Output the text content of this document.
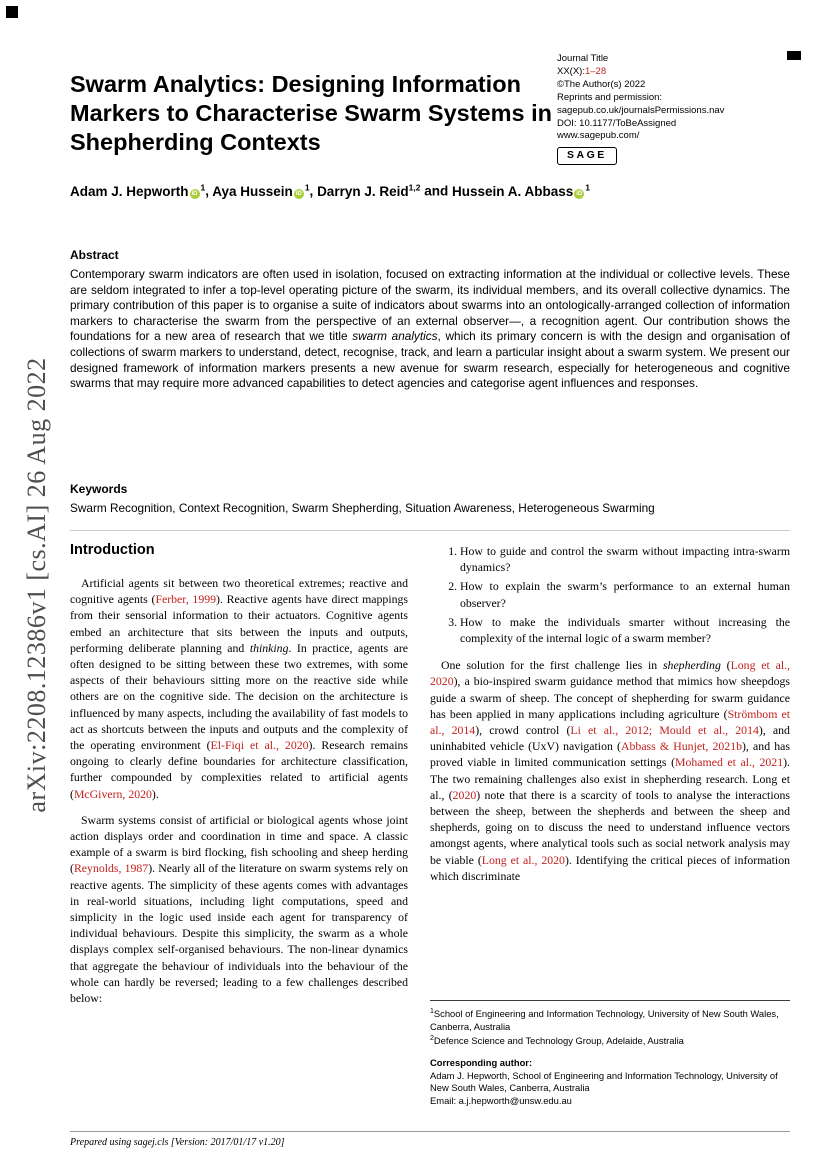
arXiv:2208.12386v1 [cs.AI] 26 Aug 2022
Swarm Analytics: Designing Information Markers to Characterise Swarm Systems in Shepherding Contexts
Journal Title
XX(X):1–28
©The Author(s) 2022
Reprints and permission:
sagepub.co.uk/journalsPermissions.nav
DOI: 10.1177/ToBeAssigned
www.sagepub.com/
SAGE
Adam J. Hepworth $iD^1$, Aya Hussein $iD^1$, Darryn J. Reid$^{1,2}$ and Hussein A. Abbass $iD^1$
Abstract
Contemporary swarm indicators are often used in isolation, focused on extracting information at the individual or collective levels. These are seldom integrated to infer a top-level operating picture of the swarm, its individual members, and its overall collective dynamics. The primary contribution of this paper is to organise a suite of indicators about swarms into an ontologically-arranged collection of information markers to characterise the swarm from the perspective of an external observer—, a recognition agent. Our contribution shows the foundations for a new area of research that we title swarm analytics, which its primary concern is with the design and organisation of collections of swarm markers to understand, detect, recognise, track, and learn a particular insight about a swarm system. We present our designed framework of information markers presents a new avenue for swarm research, especially for heterogeneous and cognitive swarms that may require more advanced capabilities to detect agencies and categorise agent influences and responses.
Keywords
Swarm Recognition, Context Recognition, Swarm Shepherding, Situation Awareness, Heterogeneous Swarming
Introduction

Artificial agents sit between two theoretical extremes; reactive and cognitive agents (Ferber, 1999). Reactive agents have direct mappings from their sensorial information to their actuators. Cognitive agents embed an architecture that sits between the inputs and outputs, performing deliberate planning and thinking. In practice, agents are often designed to be sitting between these two extremes, with some aspects of their behaviours sitting more on the reactive side while others are on the cognitive side. The decision on the architecture is influenced by many aspects, including the availability of fast models to act as shortcuts between the inputs and outputs and the complexity of the operating environment (El-Fiqi et al., 2020). Research remains ongoing to clearly define boundaries for architecture classification, further compounded by complexities related to artificial agents (McGivern, 2020).

Swarm systems consist of artificial or biological agents whose joint action displays order and coordination in time and space. A classic example of a swarm is bird flocking, fish schooling and sheep herding (Reynolds, 1987). Nearly all of the literature on swarm systems rely on reactive agents. The simplicity of these agents comes with advantages in real-world situations, including light computations, speed and simplicity in the logic used inside each agent for transparency of individual behaviours. Despite this simplicity, the swarm as a whole displays complex self-organised behaviours. The non-linear dynamics that aggregate the behaviour of individuals into the behaviour of the whole can hardly be reversed; leading to a few challenges described below:

1. How to guide and control the swarm without impacting intra-swarm dynamics?
2. How to explain the swarm’s performance to an external human observer?
3. How to make the individuals smarter without increasing the complexity of the internal logic of a swarm member?

One solution for the first challenge lies in shepherding (Long et al., 2020), a bio-inspired swarm guidance method that mimics how sheepdogs guide a swarm of sheep. The concept of shepherding for swarm guidance has been applied in many applications including agriculture (Strömbom et al., 2014), crowd control (Li et al., 2012; Mould et al., 2014), and uninhabited vehicle (UxV) navigation (Abbass & Hunjet, 2021b), and has proved viable in limited communication settings (Mohamed et al., 2021). The two remaining challenges also exist in shepherding research. Long et al., (2020) note that there is a scarcity of tools to analyse the interactions between the sheep, between the shepherds and between the sheep and shepherds, going on to discuss the need to understand influence vectors amongst agents, where analytical tools such as social network analysis may be viable (Long et al., 2020). Identifying the critical pieces of information which discriminate

$^1$School of Engineering and Information Technology, University of New South Wales, Canberra, Australia
$^2$Defence Science and Technology Group, Adelaide, Australia
Corresponding author:
Adam J. Hepworth, School of Engineering and Information Technology, University of New South Wales, Canberra, Australia
Email: a.j.hepworth@unsw.edu.au
Prepared using sagej.cls [Version: 2017/01/17 v1.20]
